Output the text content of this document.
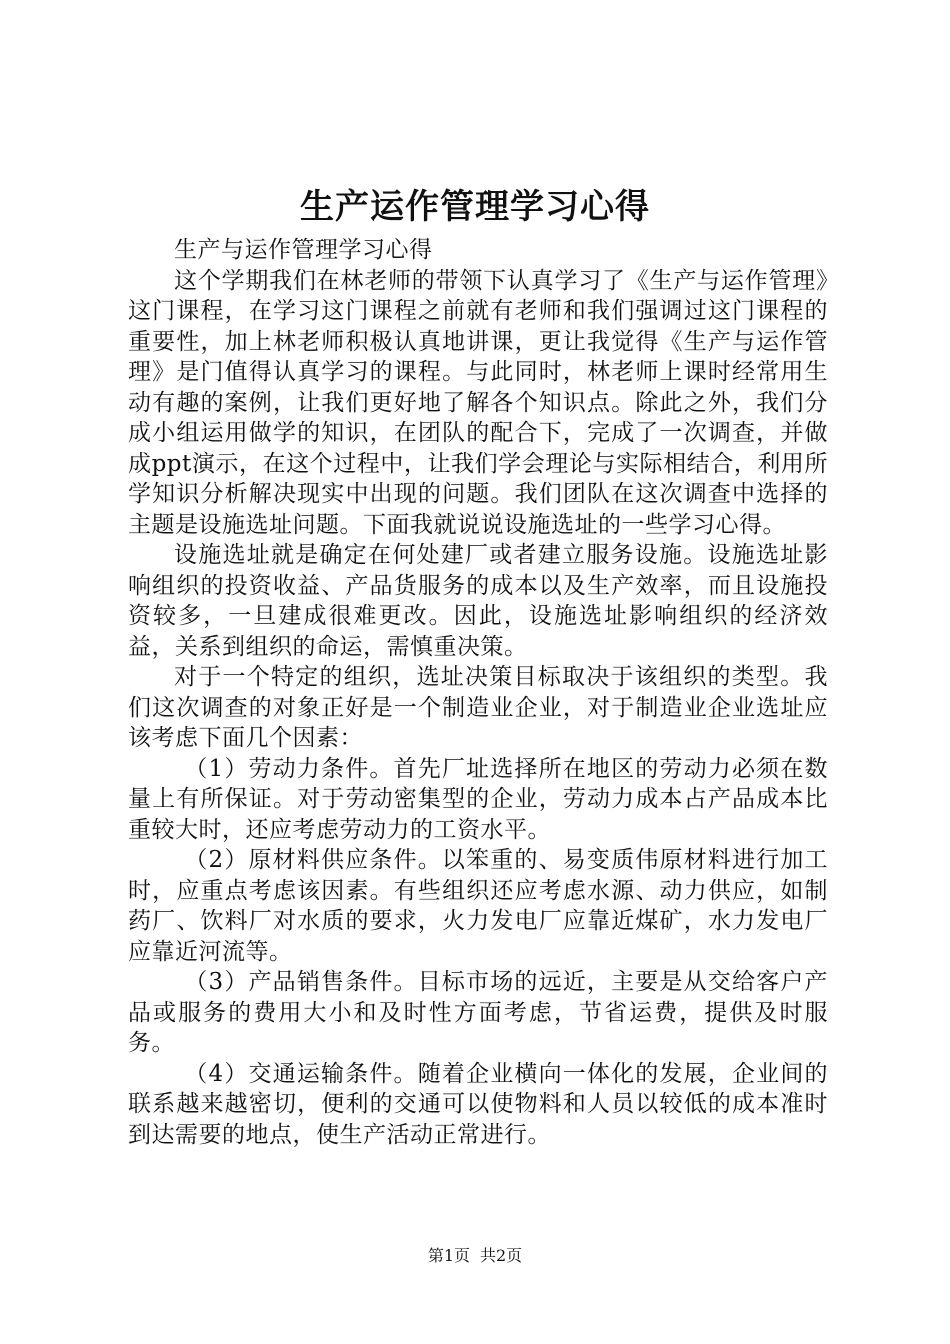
生产运作管理学习心得

生产与运作管理学习心得

这个学期我们在林老师的带领下认真学习了《生产与运作管理》这门课程，在学习这门课程之前就有老师和我们强调过这门课程的重要性，加上林老师积极认真地讲课，更让我觉得《生产与运作管理》是门值得认真学习的课程。与此同时，林老师上课时经常用生动有趣的案例，让我们更好地了解各个知识点。除此之外，我们分成小组运用做学的知识，在团队的配合下，完成了一次调查，并做成ppt演示，在这个过程中，让我们学会理论与实际相结合，利用所学知识分析解决现实中出现的问题。我们团队在这次调查中选择的主题是设施选址问题。下面我就说说设施选址的一些学习心得。

设施选址就是确定在何处建厂或者建立服务设施。设施选址影响组织的投资收益、产品货服务的成本以及生产效率，而且设施投资较多，一旦建成很难更改。因此，设施选址影响组织的经济效益，关系到组织的命运，需慎重决策。

对于一个特定的组织，选址决策目标取决于该组织的类型。我们这次调查的对象正好是一个制造业企业，对于制造业企业选址应该考虑下面几个因素：

（1）劳动力条件。首先厂址选择所在地区的劳动力必须在数量上有所保证。对于劳动密集型的企业，劳动力成本占产品成本比重较大时，还应考虑劳动力的工资水平。

（2）原材料供应条件。以笨重的、易变质伟原材料进行加工时，应重点考虑该因素。有些组织还应考虑水源、动力供应，如制药厂、饮料厂对水质的要求，火力发电厂应靠近煤矿，水力发电厂应靠近河流等。

（3）产品销售条件。目标市场的远近，主要是从交给客户产品或服务的费用大小和及时性方面考虑，节省运费，提供及时服务。

（4）交通运输条件。随着企业横向一体化的发展，企业间的联系越来越密切，便利的交通可以使物料和人员以较低的成本准时到达需要的地点，使生产活动正常进行。

第1页 共2页
